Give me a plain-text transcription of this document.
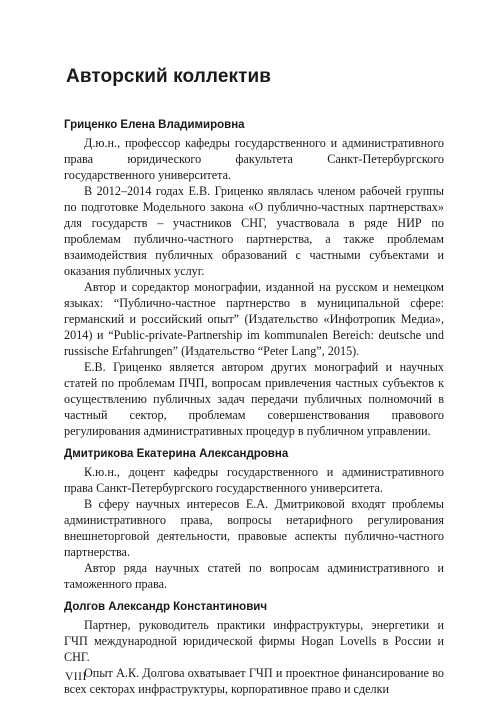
Авторский коллектив
Гриценко Елена Владимировна

Д.ю.н., профессор кафедры государственного и административного права юридического факультета Санкт-Петербургского государственного университета.

В 2012–2014 годах Е.В. Гриценко являлась членом рабочей группы по подготовке Модельного закона «О публично-частных партнерствах» для государств – участников СНГ, участвовала в ряде НИР по проблемам публично-частного партнерства, а также проблемам взаимодействия публичных образований с частными субъектами и оказания публичных услуг.

Автор и соредактор монографии, изданной на русском и немецком языках: “Публично-частное партнерство в муниципальной сфере: германский и российский опыт” (Издательство «Инфотропик Медиа», 2014) и “Public-private-Partnership im kommunalen Bereich: deutsche und russische Erfahrungen” (Издательство “Peter Lang”, 2015).

Е.В. Гриценко является автором других монографий и научных статей по проблемам ПЧП, вопросам привлечения частных субъектов к осуществлению публичных задач передачи публичных полномочий в частный сектор, проблемам совершенствования правового регулирования административных процедур в публичном управлении.

Дмитрикова Екатерина Александровна

К.ю.н., доцент кафедры государственного и административного права Санкт-Петербургского государственного университета.

В сферу научных интересов Е.А. Дмитриковой входят проблемы административного права, вопросы нетарифного регулирования внешнеторговой деятельности, правовые аспекты публично-частного партнерства.

Автор ряда научных статей по вопросам административного и таможенного права.

Долгов Александр Константинович

Партнер, руководитель практики инфраструктуры, энергетики и ГЧП международной юридической фирмы Hogan Lovells в России и СНГ.

Опыт А.К. Долгова охватывает ГЧП и проектное финансирование во всех секторах инфраструктуры, корпоративное право и сделки

VIII
